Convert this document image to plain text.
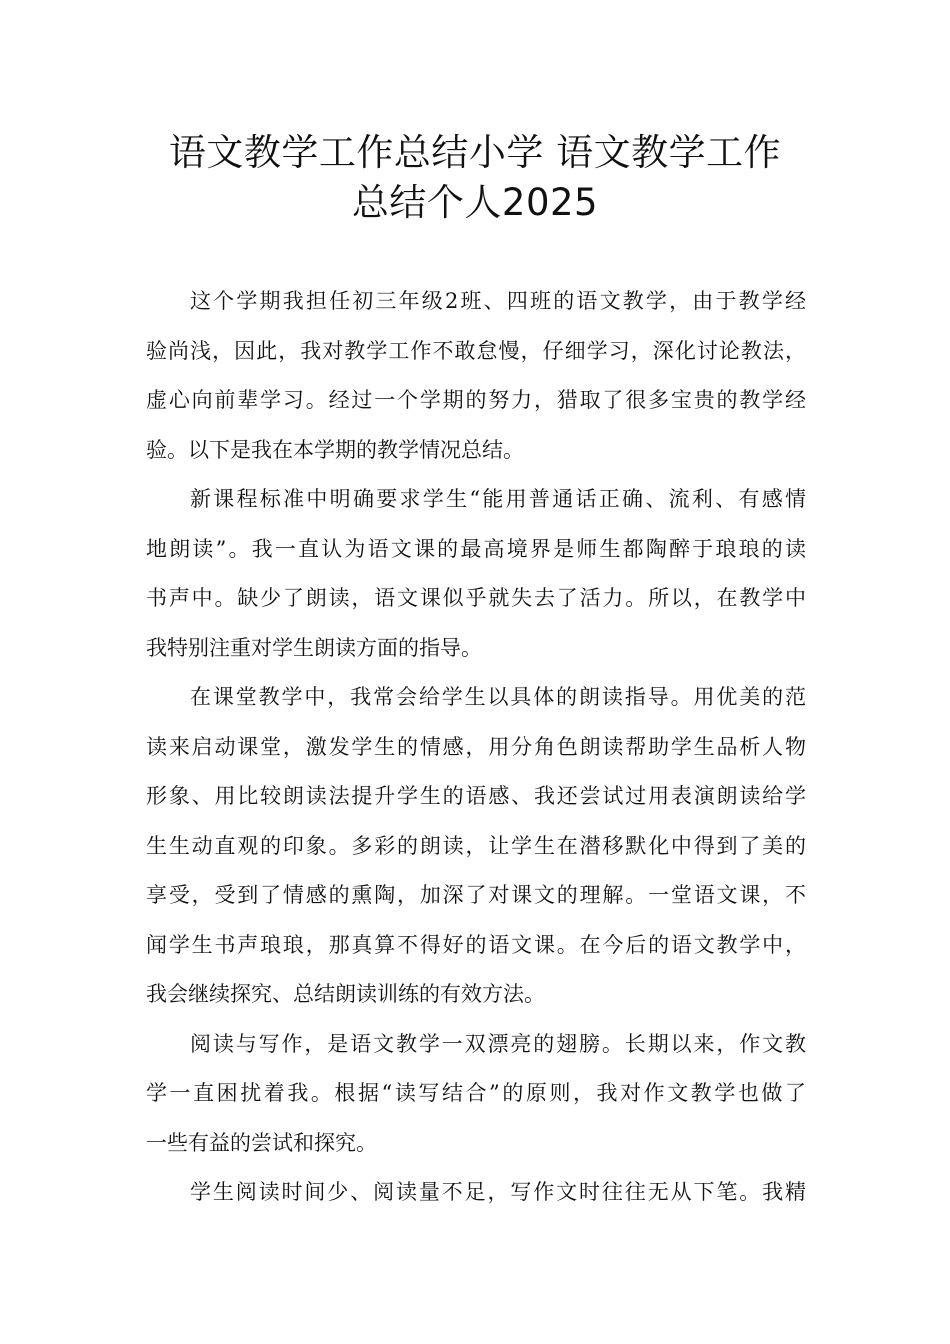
语文教学工作总结小学 语文教学工作
总结个人2025
这个学期我担任初三年级2班、四班的语文教学，由于教学经
验尚浅，因此，我对教学工作不敢怠慢，仔细学习，深化讨论教法，
虚心向前辈学习。经过一个学期的努力，猎取了很多宝贵的教学经
验。以下是我在本学期的教学情况总结。
新课程标准中明确要求学生“能用普通话正确、流利、有感情
地朗读”。我一直认为语文课的最高境界是师生都陶醉于琅琅的读
书声中。缺少了朗读，语文课似乎就失去了活力。所以，在教学中
我特别注重对学生朗读方面的指导。
在课堂教学中，我常会给学生以具体的朗读指导。用优美的范
读来启动课堂，激发学生的情感，用分角色朗读帮助学生品析人物
形象、用比较朗读法提升学生的语感、我还尝试过用表演朗读给学
生生动直观的印象。多彩的朗读，让学生在潜移默化中得到了美的
享受，受到了情感的熏陶，加深了对课文的理解。一堂语文课，不
闻学生书声琅琅，那真算不得好的语文课。在今后的语文教学中，
我会继续探究、总结朗读训练的有效方法。
阅读与写作，是语文教学一双漂亮的翅膀。长期以来，作文教
学一直困扰着我。根据“读写结合”的原则，我对作文教学也做了
一些有益的尝试和探究。
学生阅读时间少、阅读量不足，写作文时往往无从下笔。我精
